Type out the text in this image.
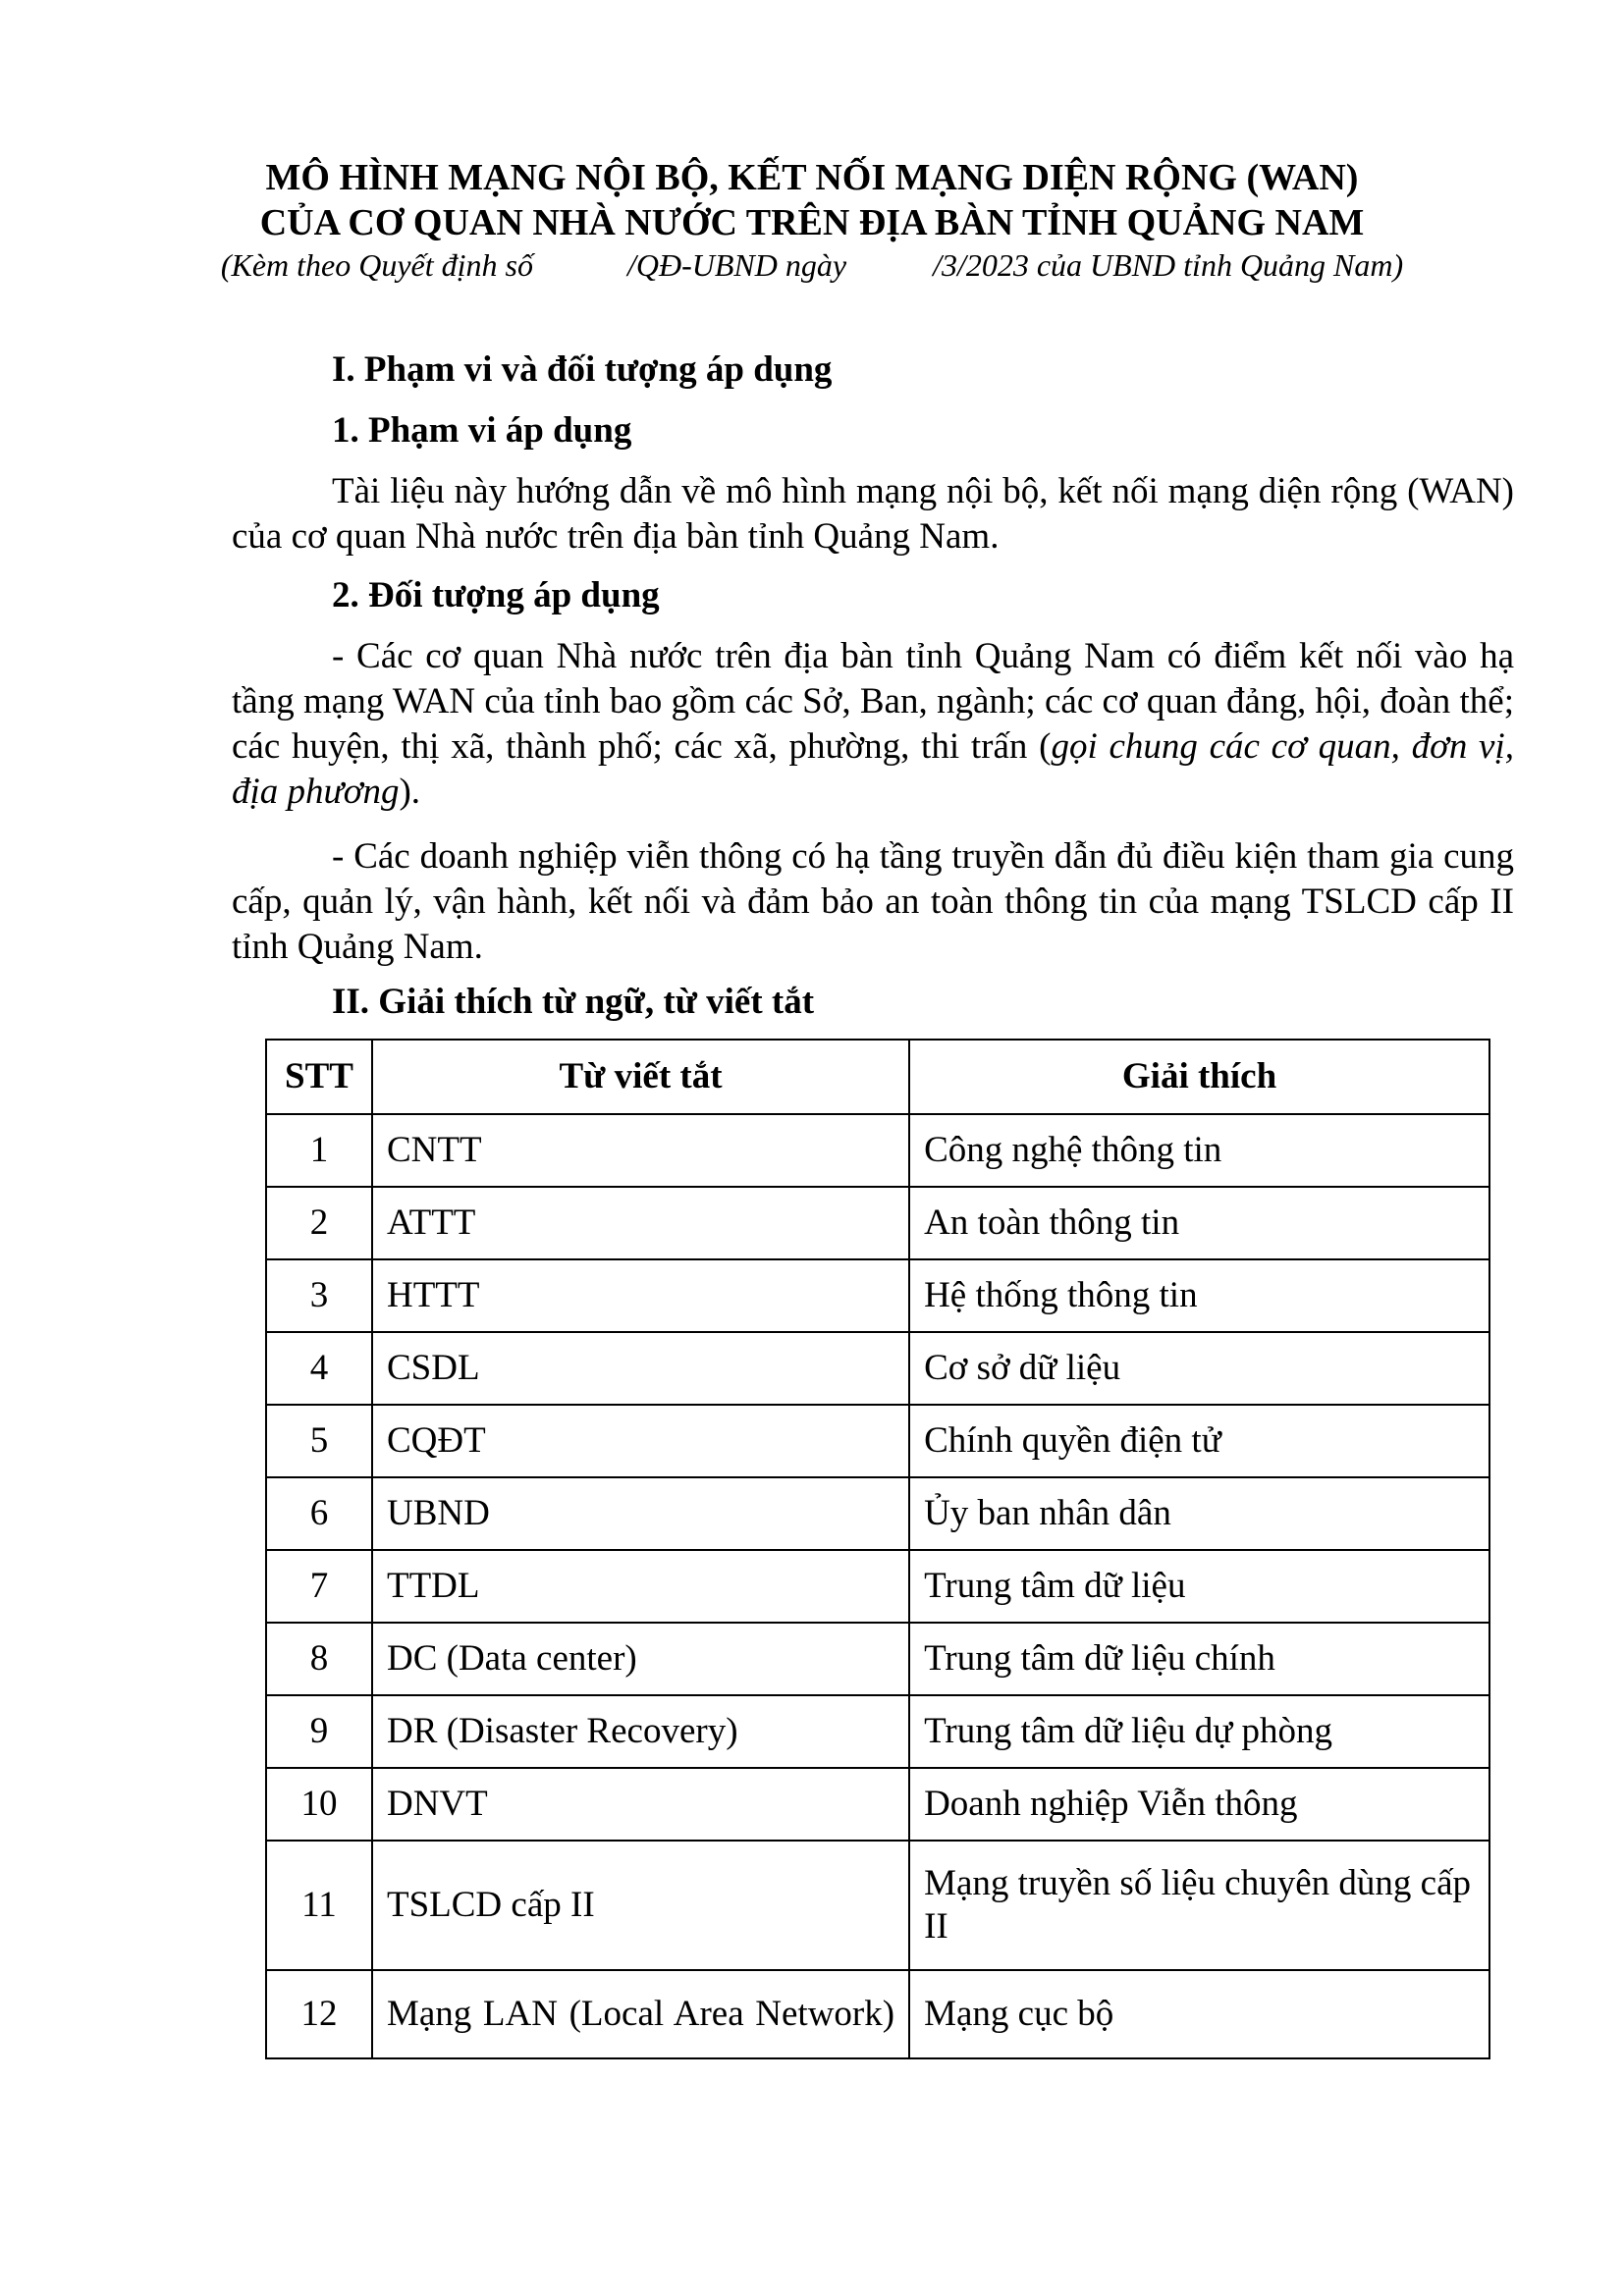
MÔ HÌNH MẠNG NỘI BỘ, KẾT NỐI MẠNG DIỆN RỘNG (WAN)
CỦA CƠ QUAN NHÀ NƯỚC TRÊN ĐỊA BÀN TỈNH QUẢNG NAM
(Kèm theo Quyết định số            /QĐ-UBND ngày           /3/2023 của UBND tỉnh Quảng Nam)
I. Phạm vi và đối tượng áp dụng
1. Phạm vi áp dụng

Tài liệu này hướng dẫn về mô hình mạng nội bộ, kết nối mạng diện rộng (WAN) của cơ quan Nhà nước trên địa bàn tỉnh Quảng Nam.

2. Đối tượng áp dụng

- Các cơ quan Nhà nước trên địa bàn tỉnh Quảng Nam có điểm kết nối vào hạ tầng mạng WAN của tỉnh bao gồm các Sở, Ban, ngành; các cơ quan đảng, hội, đoàn thể; các huyện, thị xã, thành phố; các xã, phường, thi trấn (gọi chung các cơ quan, đơn vị, địa phương).

- Các doanh nghiệp viễn thông có hạ tầng truyền dẫn đủ điều kiện tham gia cung cấp, quản lý, vận hành, kết nối và đảm bảo an toàn thông tin của mạng TSLCD cấp II tỉnh Quảng Nam.

II. Giải thích từ ngữ, từ viết tắt
STT	Từ viết tắt	Giải thích
1	CNTT	Công nghệ thông tin
2	ATTT	An toàn thông tin
3	HTTT	Hệ thống thông tin
4	CSDL	Cơ sở dữ liệu
5	CQĐT	Chính quyền điện tử
6	UBND	Ủy ban nhân dân
7	TTDL	Trung tâm dữ liệu
8	DC (Data center)	Trung tâm dữ liệu chính
9	DR (Disaster Recovery)	Trung tâm dữ liệu dự phòng
10	DNVT	Doanh nghiệp Viễn thông
11	TSLCD cấp II	Mạng truyền số liệu chuyên dùng cấp II
12	Mạng LAN (Local Area Network)	Mạng cục bộ
